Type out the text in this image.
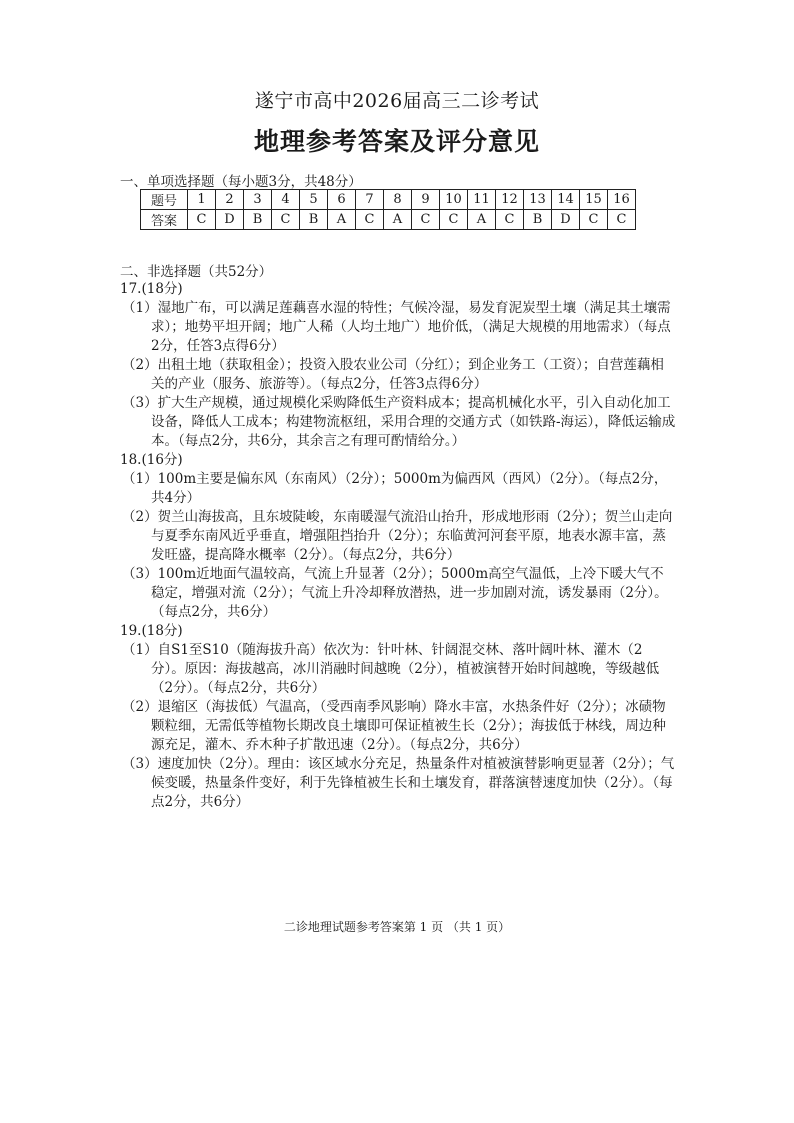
遂宁市高中2026届高三二诊考试
地理参考答案及评分意见
一、单项选择题（每小题3分，共48分）
题号	1	2	3	4	5	6	7	8	9	10	11	12	13	14	15	16
答案	C	D	B	C	B	A	C	A	C	C	A	C	B	D	C	C
二、非选择题（共52分）

17.(18分)

（1）湿地广布，可以满足莲藕喜水湿的特性；气候冷湿，易发育泥炭型土壤（满足其土壤需求）；地势平坦开阔；地广人稀（人均土地广）地价低，（满足大规模的用地需求）（每点2分，任答3点得6分）

（2）出租土地（获取租金）；投资入股农业公司（分红）；到企业务工（工资）；自营莲藕相关的产业（服务、旅游等）。（每点2分，任答3点得6分）

（3）扩大生产规模，通过规模化采购降低生产资料成本；提高机械化水平，引入自动化加工设备，降低人工成本；构建物流枢纽，采用合理的交通方式（如铁路-海运），降低运输成本。（每点2分，共6分，其余言之有理可酌情给分。）

18.(16分)

（1）100m主要是偏东风（东南风）（2分）；5000m为偏西风（西风）（2分）。（每点2分，共4分）

（2）贺兰山海拔高，且东坡陡峻，东南暖湿气流沿山抬升，形成地形雨（2分）；贺兰山走向与夏季东南风近乎垂直，增强阻挡抬升（2分）；东临黄河河套平原，地表水源丰富，蒸发旺盛，提高降水概率（2分）。（每点2分，共6分）

（3）100m近地面气温较高，气流上升显著（2分）；5000m高空气温低，上冷下暖大气不稳定，增强对流（2分）；气流上升冷却释放潜热，进一步加剧对流，诱发暴雨（2分）。（每点2分，共6分）

19.(18分)

（1）自S1至S10（随海拔升高）依次为：针叶林、针阔混交林、落叶阔叶林、灌木（2分）。原因：海拔越高，冰川消融时间越晚（2分），植被演替开始时间越晚，等级越低（2分）。（每点2分，共6分）

（2）退缩区（海拔低）气温高，（受西南季风影响）降水丰富，水热条件好（2分）；冰碛物颗粒细，无需低等植物长期改良土壤即可保证植被生长（2分）；海拔低于林线，周边种源充足，灌木、乔木种子扩散迅速（2分）。（每点2分，共6分）

（3）速度加快（2分）。理由：该区域水分充足，热量条件对植被演替影响更显著（2分）；气候变暖，热量条件变好，利于先锋植被生长和土壤发育，群落演替速度加快（2分）。（每点2分，共6分）

二诊地理试题参考答案第 1 页 （共 1 页）
